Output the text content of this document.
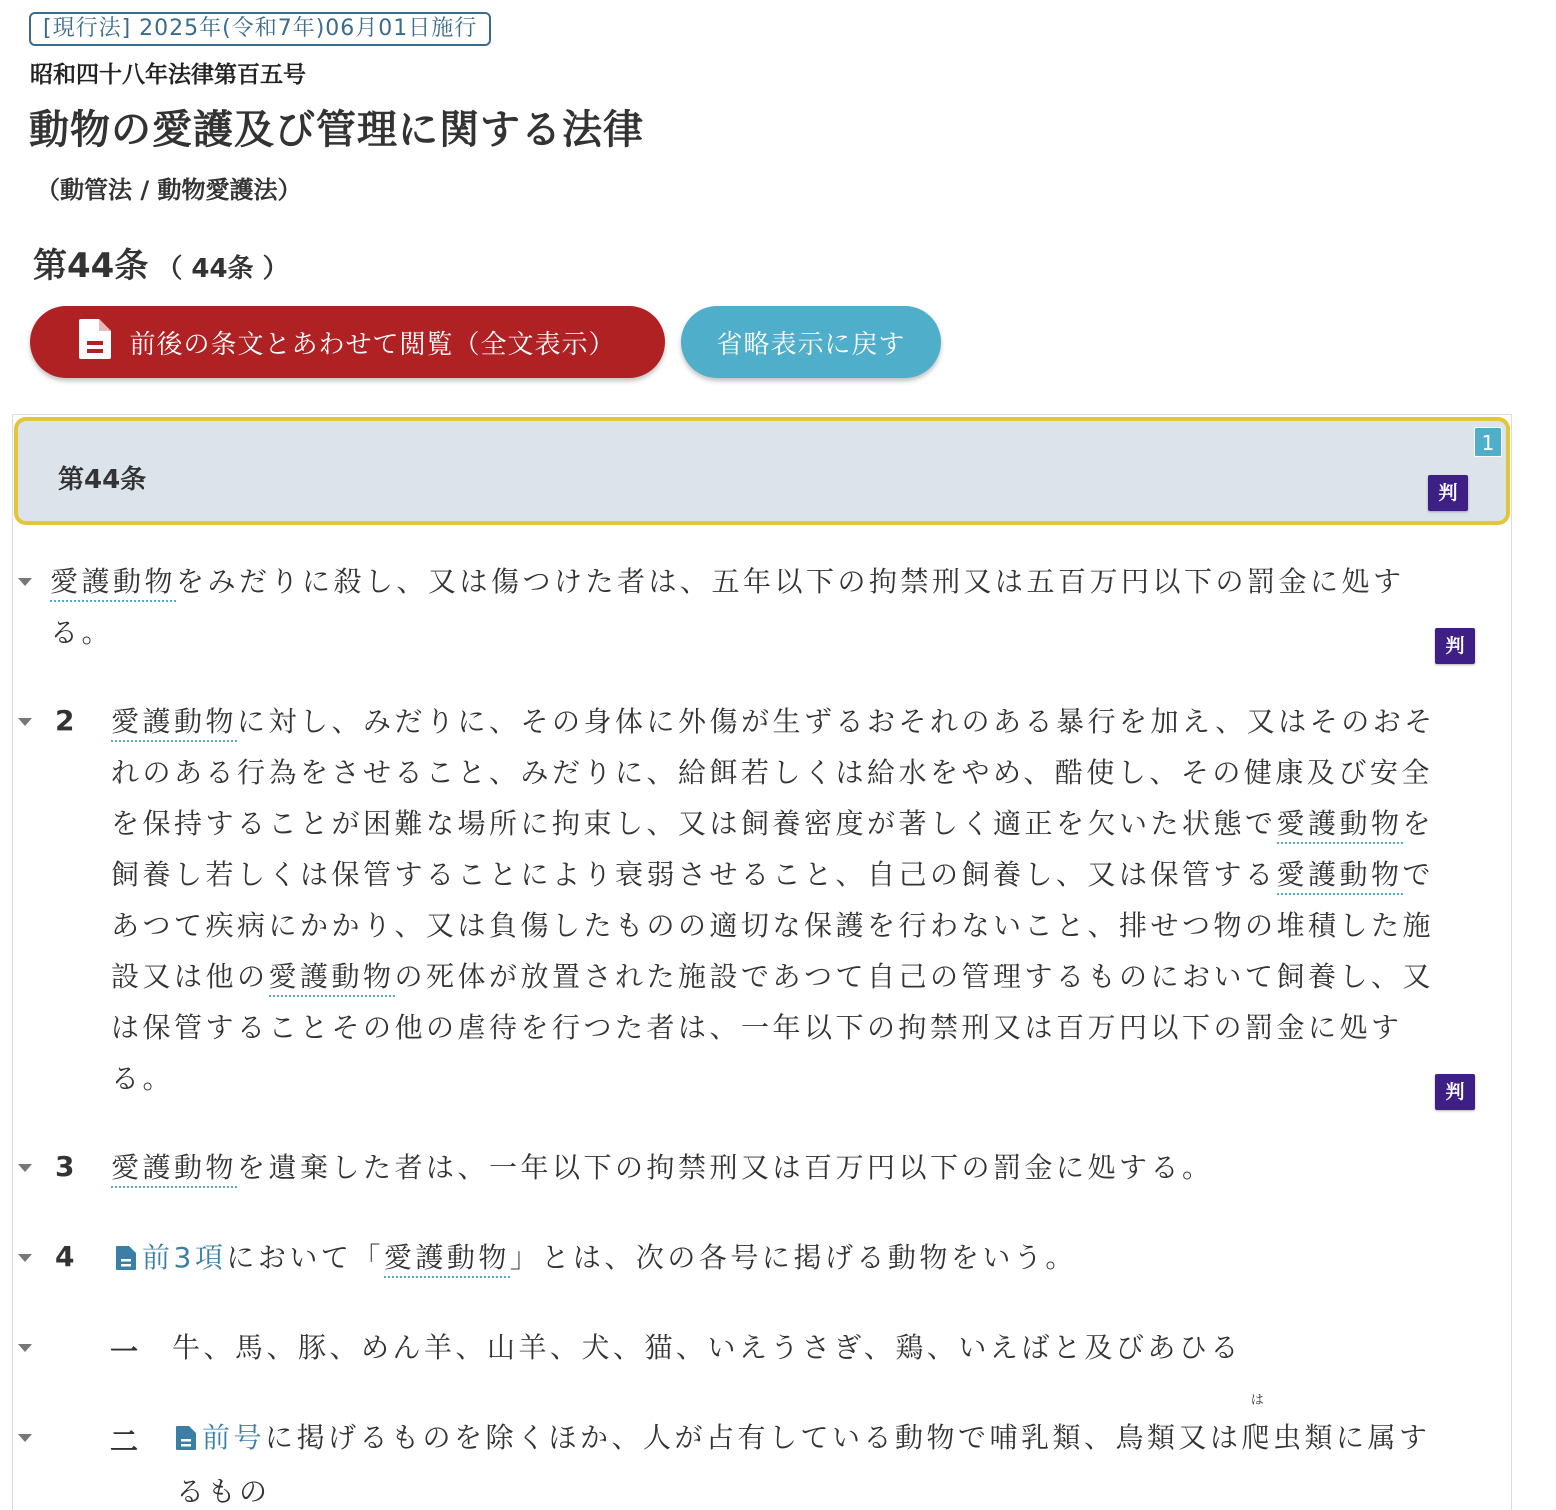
[現行法] 2025年(令和7年)06月01日施行
昭和四十八年法律第百五号
動物の愛護及び管理に関する法律
（動管法 / 動物愛護法）
第44条 （ 44条 ）
前後の条文とあわせて閲覧（全文表示）	省略表示に戻す
第44条
1
判
愛護動物をみだりに殺し、又は傷つけた者は、五年以下の拘禁刑又は五百万円以下の罰金に処す
る。	判
2 愛護動物に対し、みだりに、その身体に外傷が生ずるおそれのある暴行を加え、又はそのおそ
れのある行為をさせること、みだりに、給餌若しくは給水をやめ、酷使し、その健康及び安全
を保持することが困難な場所に拘束し、又は飼養密度が著しく適正を欠いた状態で愛護動物を
飼養し若しくは保管することにより衰弱させること、自己の飼養し、又は保管する愛護動物で
あつて疾病にかかり、又は負傷したものの適切な保護を行わないこと、排せつ物の堆積した施
設又は他の愛護動物の死体が放置された施設であつて自己の管理するものにおいて飼養し、又
は保管することその他の虐待を行つた者は、一年以下の拘禁刑又は百万円以下の罰金に処す
る。	判
3 愛護動物を遺棄した者は、一年以下の拘禁刑又は百万円以下の罰金に処する。
4	前3項において「愛護動物」とは、次の各号に掲げる動物をいう。
一 牛、馬、豚、めん羊、山羊、犬、猫、いえうさぎ、鶏、いえばと及びあひる
二	前号に掲げるものを除くほか、人が占有している動物で哺乳類、鳥類又は
は
爬虫類に属す
るもの
